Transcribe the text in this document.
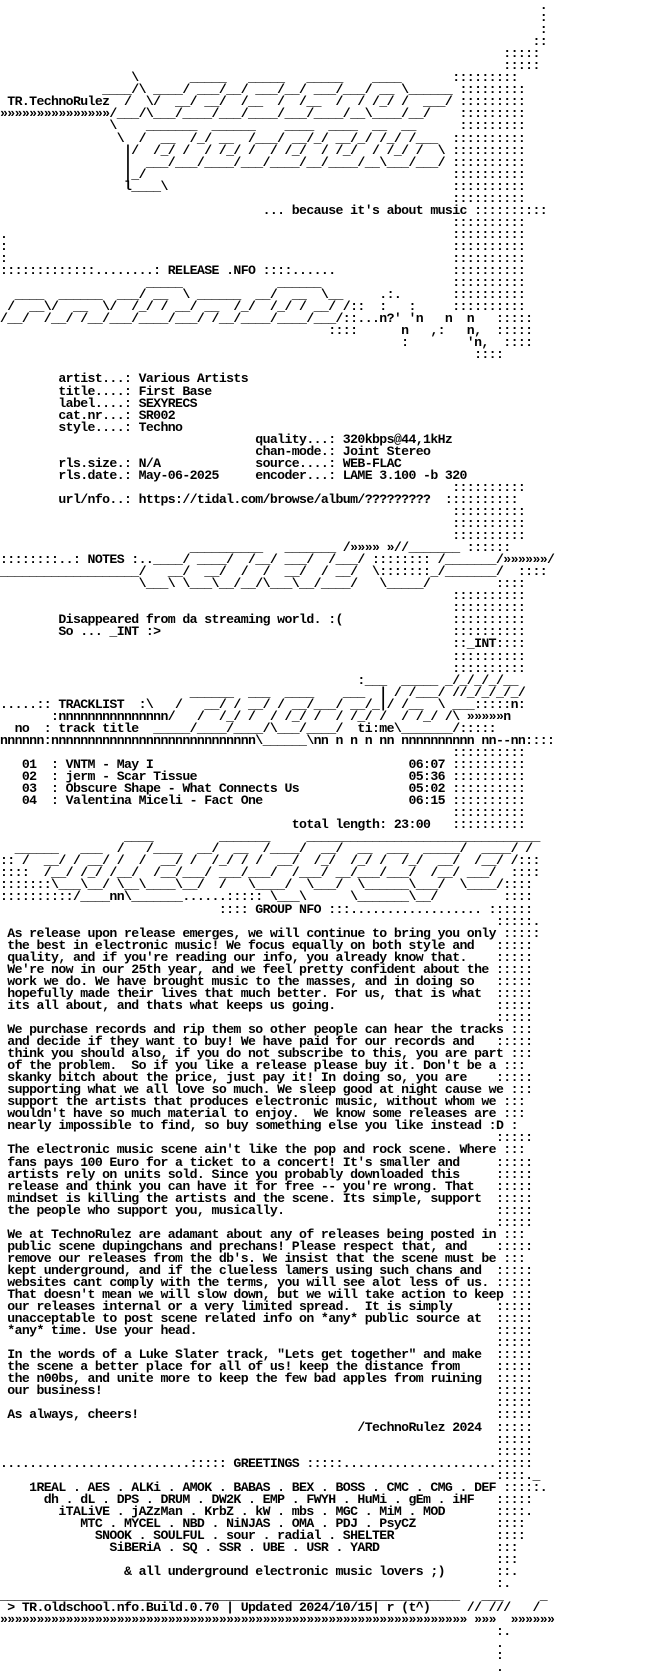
.
:
:
::
:::::
:::::
\       _____   _____   _____    ____       :::::::::
____/\ ____/ ___/__/ ___/__/ ___/___/ __ \______ :::::::::
TR.TechnoRulez  /  \/  __/ __/  /__  /  /__  /  / /_/ /  ___/ :::::::::
»»»»»»»»»»»»»»»/___/\___/____/___/____/___/____/__\____/__/    :::::::::
\    _______  ______    ____  ____  __  __      :::::::::
\  /  __  /_/ __  /___/ __/_/ __/_/ /_/ /___  ::::::::::
|/  /_/ /  / /_/ /  / /_/  / /_/  / /_/ /  \ ::::::::::
|  ___/___/____/___/____/__/____/__\___/___/ ::::::::::
|_/                                          ::::::::::
l____\                                       ::::::::::
::::::::::
... because it's about music ::::::::::
::::::::::
.                                                             ::::::::::
:                                                             ::::::::::
:                                                             ::::::::::
:::::::::::::........: RELEASE .NFO ::::......                ::::::::::
_____             ______                  ::::::::::
____  ______  ___/ __  \ ______  __/  __  \__     .:.       ::::::::::
/  __\/  __  \/  /_/ / __/ __  /_/  /_/ / __/ /::  :   :     ::::::::::
/__/  /__/ /__/___/____/___/ /__/____/____/___/::...n?' 'n   n  n   :::::
::::      n   ,:   n,  :::::
:        'n,  ::::
::::

artist...: Various Artists
title....: First Base
label....: SEXYRECS
cat.nr...: SR002
style....: Techno
quality...: 320kbps@44,1kHz
chan-mode.: Joint Stereo
rls.size.: N/A             source....: WEB-FLAC
rls.date.: May-06-2025     encoder...: LAME 3.100 -b 320
::::::::::
url/nfo..: https://tidal.com/browse/album/?????????  ::::::::::
::::::::::
::::::::::
::::::::::
__________   _______ /»»»» »//_______ ::::::
::::::::..: NOTES :..____/ ____/  /__/ ___/  /___/ :::::::: /_______/»»»»»»/
___________________/   __/  __/  /  /  __/  / __/  \:::::::_/_______/  ::::
\___\ \___\__/__/\___\__/____/   \_____/         ::::
::::::::::
::::::::::
Disappeared from da streaming world. :(               ::::::::::
So ... _INT :>                                        ::::::::::
::_INT::::
::::::::::
::::::::::
:___  _____ _/_/_/_/__
______  ___  ____    ___  | / /___/ //_/_/_/_/
.....:: TRACKLIST  :\   /   __/ / __/ / __/___/ __/_|/ /__  \ ___:::::n:
:nnnnnnnnnnnnnnn/   /  /_/ /  / /_/ /  / /_/ /  / /_/ /\ »»»»»n
no  : track title  _____/____/____/\___/____/  ti:me\_______/:::::
nnnnnn:nnnnnnnnnnnnnnnnnnnnnnnnnnnn\______\nn n n n nn nnnnnnnnnn nn--nn::::
::::::::::
01  : VNTM - May I                                   06:07 ::::::::::
02  : jerm - Scar Tissue                             05:36 ::::::::::
03  : Obscure Shape - What Connects Us               05:02 ::::::::::
04  : Valentina Miceli - Fact One                    06:15 ::::::::::
::::::::::
total length: 23:00   ::::::::::
____         _______     ________________________________
______   ___  /   /____  __/  __  /____/  __/  __  ___  _____/  ____/ /
:: /  __/ / __/ /  /  __/ /  /_/ / /  __/  /_/  /_/ /  /_/  __/  /__/ /:::
::::  /__/ /_/ /__/  /__/___/ ___/___/  /___/ __/___/___/  /__/ ___/  ::::
:::::::\___\__/ \__\____\__/  /   \____/  \___/  \______\___/  \____/::::
::::::::::/____nn\_______......::::: \___\      \_______\__/         ::::
:::: GROUP NFO :::.................. ::::::
:::::.
As release upon release emerges, we will continue to bring you only :::::
the best in electronic music! We focus equally on both style and   :::::
quality, and if you're reading our info, you already know that.    :::::
We're now in our 25th year, and we feel pretty confident about the :::::
work we do. We have brought music to the masses, and in doing so   :::::
hopefully made their lives that much better. For us, that is what  :::::
its all about, and thats what keeps us going.                      :::::
:::::
We purchase records and rip them so other people can hear the tracks :::
and decide if they want to buy! We have paid for our records and   :::::
think you should also, if you do not subscribe to this, you are part :::
of the problem.  So if you like a release please buy it. Don't be a :::
skanky bitch about the price, just pay it! In doing so, you are    :::::
supporting what we all love so much. We sleep good at night cause we :::
support the artists that produces electronic music, without whom we :::
wouldn't have so much material to enjoy.  We know some releases are :::
nearly impossible to find, so buy something else you like instead :D :
:::::
The electronic music scene ain't like the pop and rock scene. Where :::
fans pays 100 Euro for a ticket to a concert! It's smaller and     :::::
artists rely on units sold. Since you probably downloaded this     :::::
release and think you can have it for free -- you're wrong. That   :::::
mindset is killing the artists and the scene. Its simple, support  :::::
the people who support you, musically.                             :::::
:::::
We at TechnoRulez are adamant about any of releases being posted in :::
public scene dupingchans and prechans! Please respect that, and    :::::
remove our releases from the db's. We insist that the scene must be :::
kept underground, and if the clueless lamers using such chans and  :::::
websites cant comply with the terms, you will see alot less of us. :::::
That doesn't mean we will slow down, but we will take action to keep :::
our releases internal or a very limited spread.  It is simply      :::::
unacceptable to post scene related info on *any* public source at  :::::
*any* time. Use your head.                                         :::::
:::::
In the words of a Luke Slater track, "Lets get together" and make  :::::
the scene a better place for all of us! keep the distance from     :::::
the n00bs, and unite more to keep the few bad apples from ruining  :::::
our business!                                                      :::::
:::::
As always, cheers!                                                 :::::
/TechnoRulez 2024  :::::
:::::
:::::
..........................::::: GREETINGS :::::.....................:::::
::::._
1REAL . AES . ALKi . AMOK . BABAS . BEX . BOSS . CMC . CMG . DEF :::::.
dh . dL . DPS . DRUM . DW2K . EMP . FWYH . HuMi . gEm . iHF   :::::
iTALiVE . jAZzMan . KrbZ . kW . mbs . MGC . MiM . MOD       ::::.
MTC . MYCEL . NBD . NiNJAS . OMA . PDJ . PsyCZ           ::::
SNOOK . SOULFUL . sour . radial . SHELTER              ::::
SiBERiA . SQ . SSR . UBE . USR . YARD                :::
:::
& all underground electronic music lovers ;)       ::.
:.
_______________________________________________________________   ___     _
> TR.oldschool.nfo.Build.0.70 | Updated 2024/10/15| r (t^)     // ///   /
»»»»»»»»»»»»»»»»»»»»»»»»»»»»»»»»»»»»»»»»»»»»»»»»»»»»»»»»»»»»»»»» »»»  »»»»»»
:.
.
:
.
